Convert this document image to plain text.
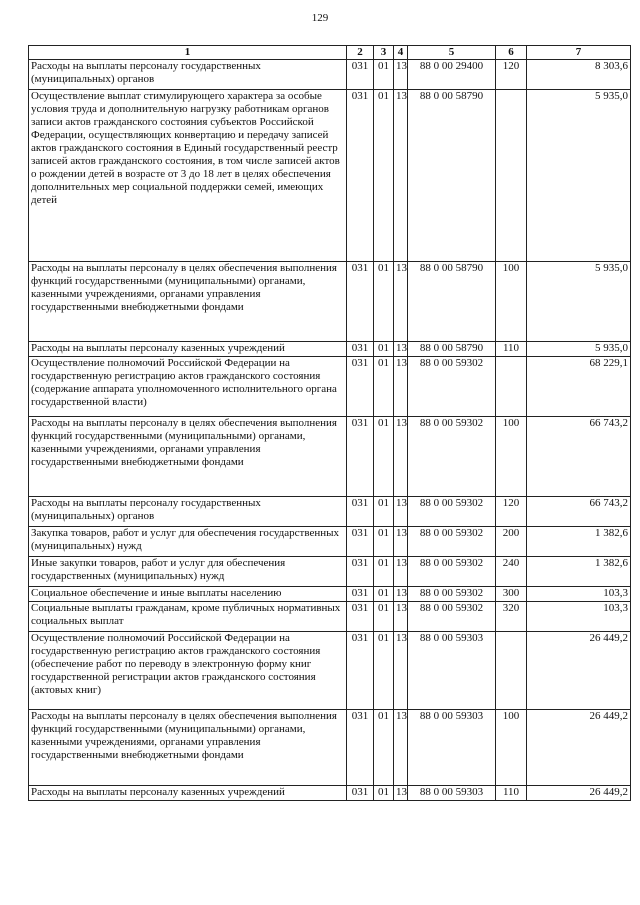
129
1	2	3	4	5	6	7
Расходы на выплаты персоналу государственных (муниципальных) органов	031	01	13	88 0 00 29400	120	8 303,6
Осуществление выплат стимулирующего характера за особые условия труда и дополнительную нагрузку работникам органов записи актов гражданского состояния субъектов Российской Федерации, осуществляющих конвертацию и передачу записей актов гражданского состояния в Единый государственный реестр записей актов гражданского состояния, в том числе записей актов о рождении детей в возрасте от 3 до 18 лет в целях обеспечения дополнительных мер социальной поддержки семей, имеющих детей	031	01	13	88 0 00 58790		5 935,0
Расходы на выплаты персоналу в целях обеспечения выполнения функций государственными (муниципальными) органами, казенными учреждениями, органами управления государственными внебюджетными фондами	031	01	13	88 0 00 58790	100	5 935,0
Расходы на выплаты персоналу казенных учреждений	031	01	13	88 0 00 58790	110	5 935,0
Осуществление полномочий Российской Федерации на государственную регистрацию актов гражданского состояния (содержание аппарата уполномоченного исполнительного органа государственной власти)	031	01	13	88 0 00 59302		68 229,1
Расходы на выплаты персоналу в целях обеспечения выполнения функций государственными (муниципальными) органами, казенными учреждениями, органами управления государственными внебюджетными фондами	031	01	13	88 0 00 59302	100	66 743,2
Расходы на выплаты персоналу государственных (муниципальных) органов	031	01	13	88 0 00 59302	120	66 743,2
Закупка товаров, работ и услуг для обеспечения государственных (муниципальных) нужд	031	01	13	88 0 00 59302	200	1 382,6
Иные закупки товаров, работ и услуг для обеспечения государственных (муниципальных) нужд	031	01	13	88 0 00 59302	240	1 382,6
Социальное обеспечение и иные выплаты населению	031	01	13	88 0 00 59302	300	103,3
Социальные выплаты гражданам, кроме публичных нормативных социальных выплат	031	01	13	88 0 00 59302	320	103,3
Осуществление полномочий Российской Федерации на государственную регистрацию актов гражданского состояния (обеспечение работ по переводу в электронную форму книг государственной регистрации актов гражданского состояния (актовых книг)	031	01	13	88 0 00 59303		26 449,2
Расходы на выплаты персоналу в целях обеспечения выполнения функций государственными (муниципальными) органами, казенными учреждениями, органами управления государственными внебюджетными фондами	031	01	13	88 0 00 59303	100	26 449,2
Расходы на выплаты персоналу казенных учреждений	031	01	13	88 0 00 59303	110	26 449,2
